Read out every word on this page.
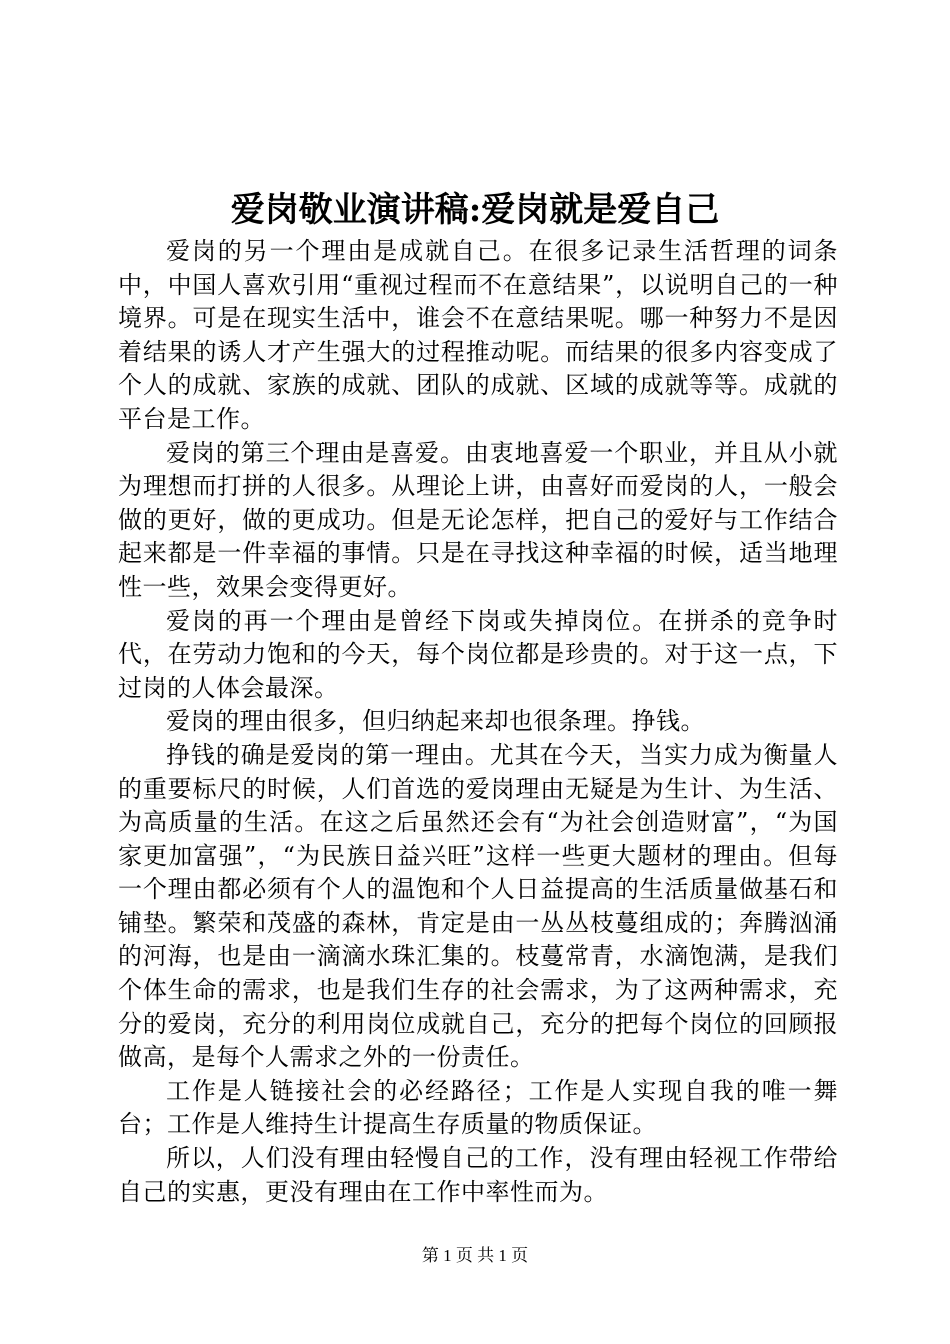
爱岗敬业演讲稿:爱岗就是爱自己

爱岗的另一个理由是成就自己。在很多记录生活哲理的词条中，中国人喜欢引用“重视过程而不在意结果”，以说明自己的一种境界。可是在现实生活中，谁会不在意结果呢。哪一种努力不是因着结果的诱人才产生强大的过程推动呢。而结果的很多内容变成了个人的成就、家族的成就、团队的成就、区域的成就等等。成就的平台是工作。

爱岗的第三个理由是喜爱。由衷地喜爱一个职业，并且从小就为理想而打拼的人很多。从理论上讲，由喜好而爱岗的人，一般会做的更好，做的更成功。但是无论怎样，把自己的爱好与工作结合起来都是一件幸福的事情。只是在寻找这种幸福的时候，适当地理性一些，效果会变得更好。

爱岗的再一个理由是曾经下岗或失掉岗位。在拼杀的竞争时代，在劳动力饱和的今天，每个岗位都是珍贵的。对于这一点，下过岗的人体会最深。

爱岗的理由很多，但归纳起来却也很条理。挣钱。

挣钱的确是爱岗的第一理由。尤其在今天，当实力成为衡量人的重要标尺的时候，人们首选的爱岗理由无疑是为生计、为生活、为高质量的生活。在这之后虽然还会有“为社会创造财富”，“为国家更加富强”，“为民族日益兴旺”这样一些更大题材的理由。但每一个理由都必须有个人的温饱和个人日益提高的生活质量做基石和铺垫。繁荣和茂盛的森林，肯定是由一丛丛枝蔓组成的；奔腾汹涌的河海，也是由一滴滴水珠汇集的。枝蔓常青，水滴饱满，是我们个体生命的需求，也是我们生存的社会需求，为了这两种需求，充分的爱岗，充分的利用岗位成就自己，充分的把每个岗位的回顾报做高，是每个人需求之外的一份责任。

工作是人链接社会的必经路径；工作是人实现自我的唯一舞台；工作是人维持生计提高生存质量的物质保证。

所以，人们没有理由轻慢自己的工作，没有理由轻视工作带给自己的实惠，更没有理由在工作中率性而为。

第 1 页 共 1 页
